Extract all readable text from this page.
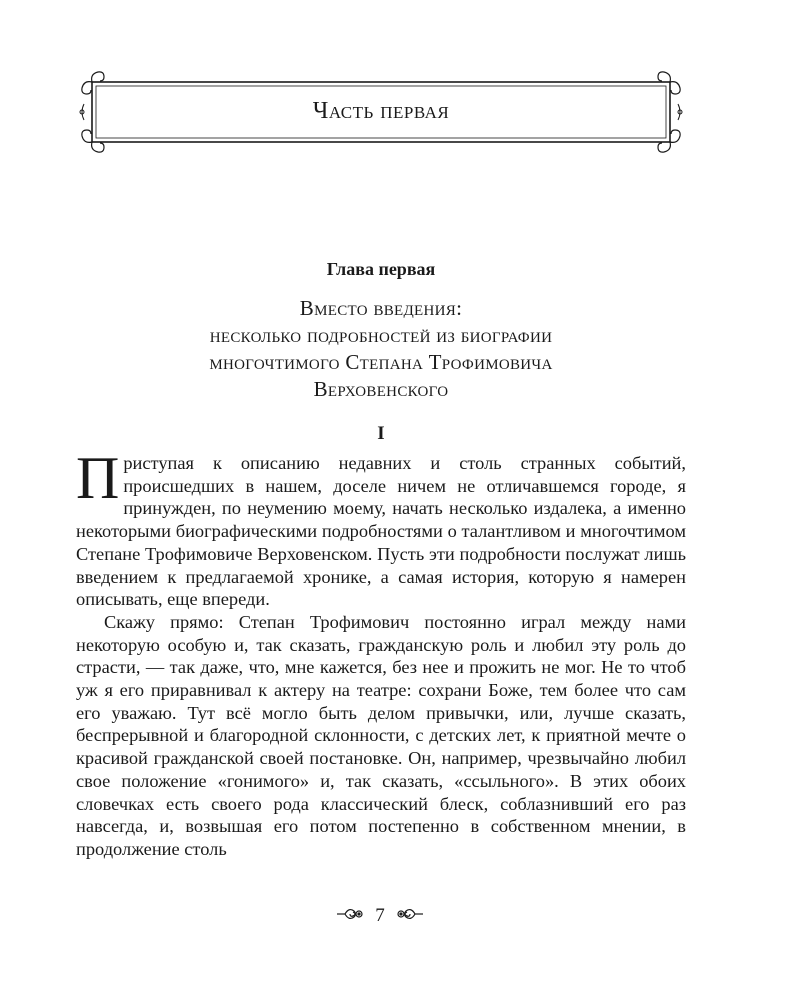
Часть первая
Глава первая
Вместо введения:
несколько подробностей из биографии
многочтимого Степана Трофимовича
Верховенского
I

Приступая к описанию недавних и столь странных событий, происшедших в нашем, доселе ничем не отличавшемся городе, я принужден, по неумению моему, начать несколько издалека, а именно некоторыми биографическими подробностями о талантливом и многочтимом Степане Трофимовиче Верховенском. Пусть эти подробности послужат лишь введением к предлагаемой хронике, а самая история, которую я намерен описывать, еще впереди.

Скажу прямо: Степан Трофимович постоянно играл между нами некоторую особую и, так сказать, гражданскую роль и любил эту роль до страсти, — так даже, что, мне кажется, без нее и прожить не мог. Не то чтоб уж я его приравнивал к актеру на театре: сохрани Боже, тем более что сам его уважаю. Тут всё могло быть делом привычки, или, лучше сказать, беспрерывной и благородной склонности, с детских лет, к приятной мечте о красивой гражданской своей постановке. Он, например, чрезвычайно любил свое положение «гонимого» и, так сказать, «ссыльного». В этих обоих словечках есть своего рода классический блеск, соблазнивший его раз навсегда, и, возвышая его потом постепенно в собственном мнении, в продолжение столь

7
